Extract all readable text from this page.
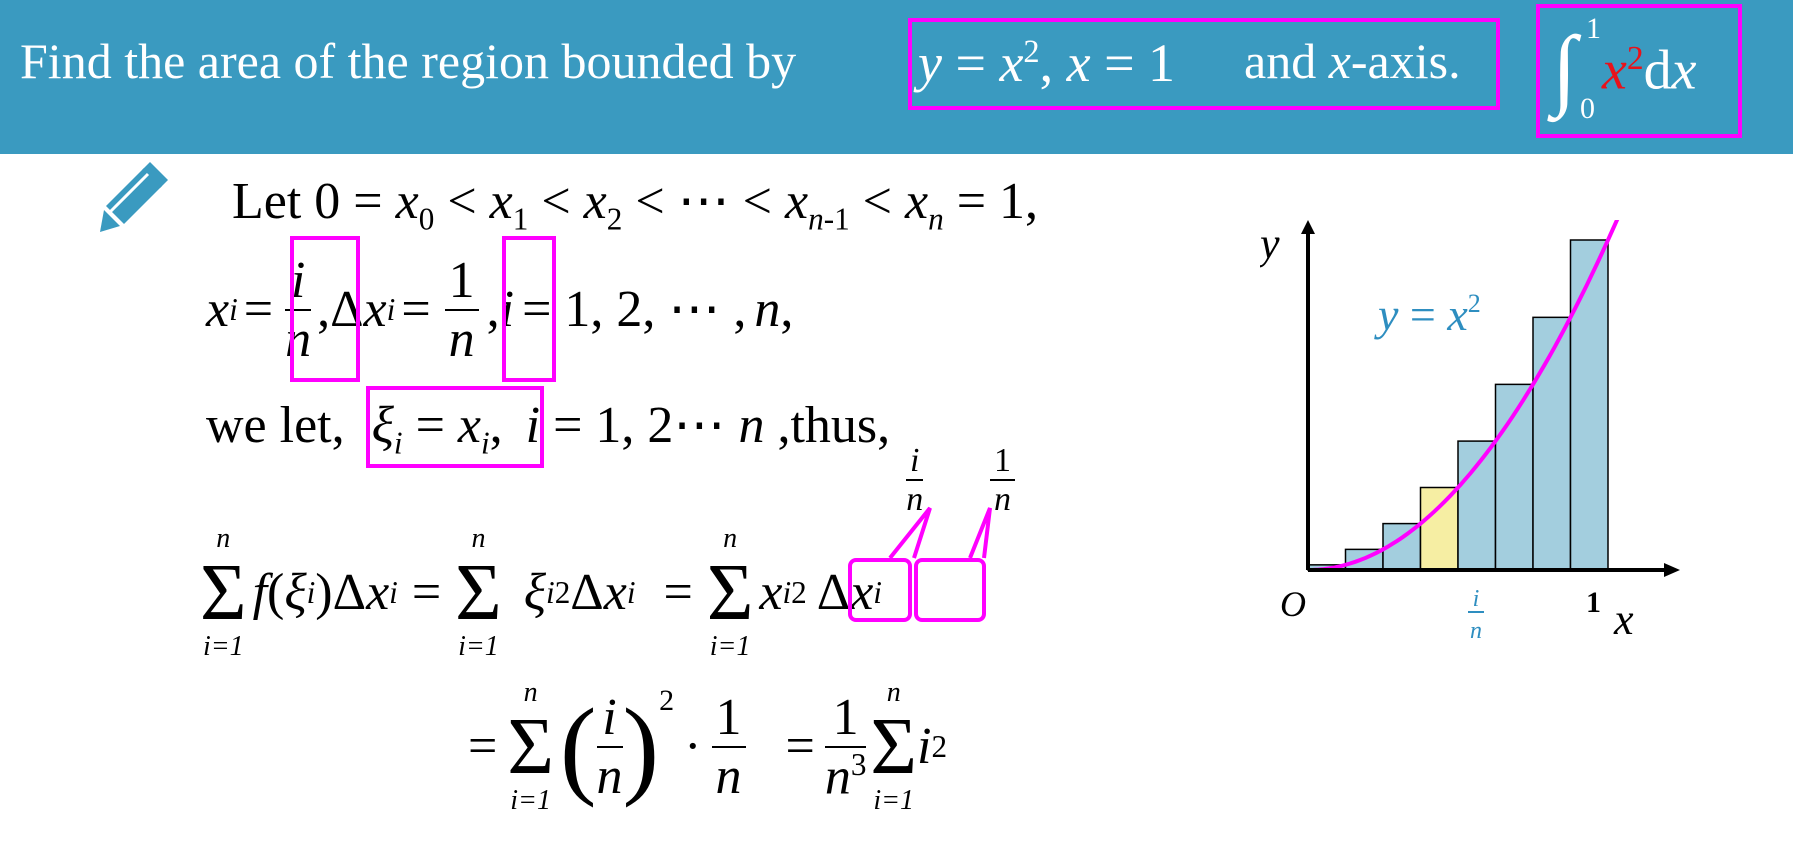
Find the area of the region bounded by $y = x^2$, x = 1 and x-axis. ∫ 1
0
$x^2dx$
Let $0 = x_0 < x_1 < x_2$ < ⋯ < $x_{n-1} < x_n = 1$,
x $i = \frac{i}{n}$ , Δ x $i = \frac{1}{n}$ , i = 1, 2, ⋯ , n ,
we let, $\xi_i = x_i$, i = 1, 2⋯ n ,thus,
$\frac{i}{n} \frac{1}{n}$
n
Σ
i=1
f ( ξ i ) Δ x i =
n
Σ
i=1
ξ i 2 Δ x i =
n
Σ
i=1
x i 2 Δ x i
=
n
Σ
i=1 ( $\frac{i}{n} )^2$
· $\frac{1}{n} = \frac{1}{n^3}$ n
Σ
i=1
i 2
y
x
O	1
i
n
$y = x^2$
